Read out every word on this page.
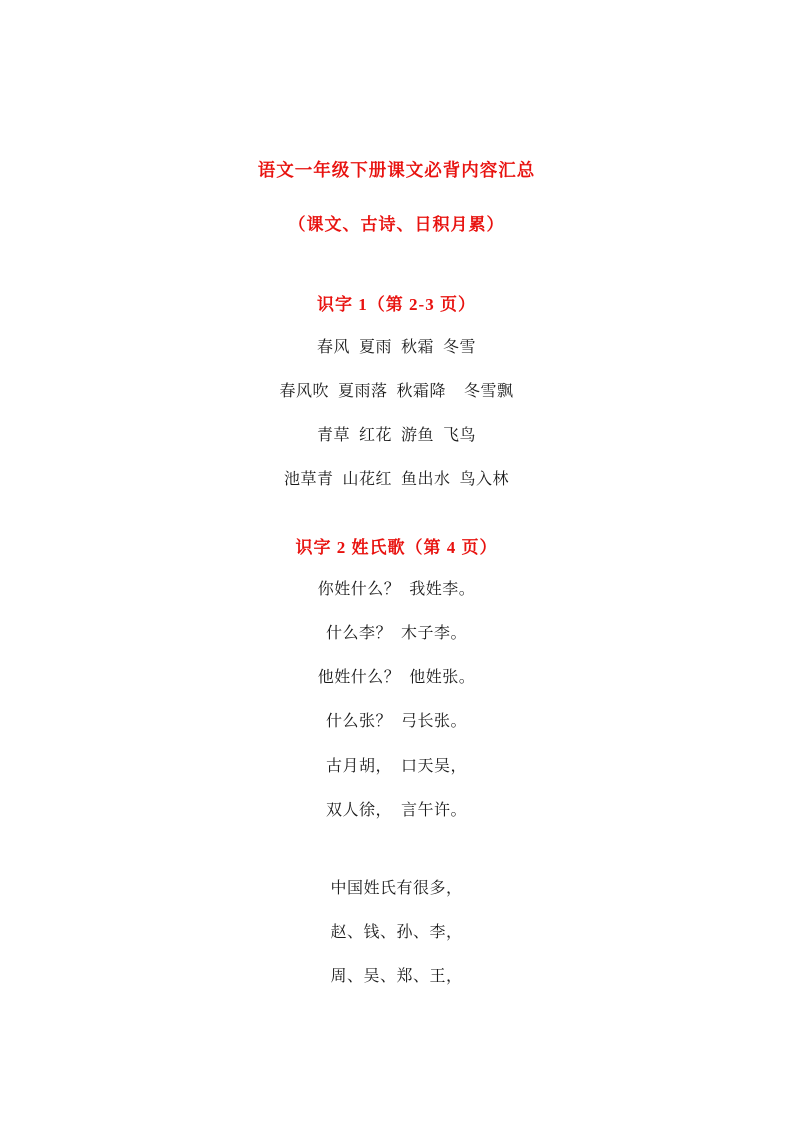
语文一年级下册课文必背内容汇总
（课文、古诗、日积月累）
识字 1（第 2-3 页）
春风  夏雨  秋霜  冬雪
春风吹  夏雨落  秋霜降    冬雪飘
青草  红花  游鱼  飞鸟
池草青  山花红  鱼出水  鸟入林
识字 2 姓氏歌（第 4 页）
你姓什么？  我姓李。
什么李？  木子李。
他姓什么？  他姓张。
什么张？  弓长张。
古月胡，  口天吴，
双人徐，  言午许。
中国姓氏有很多，
赵、钱、孙、李，
周、吴、郑、王，
